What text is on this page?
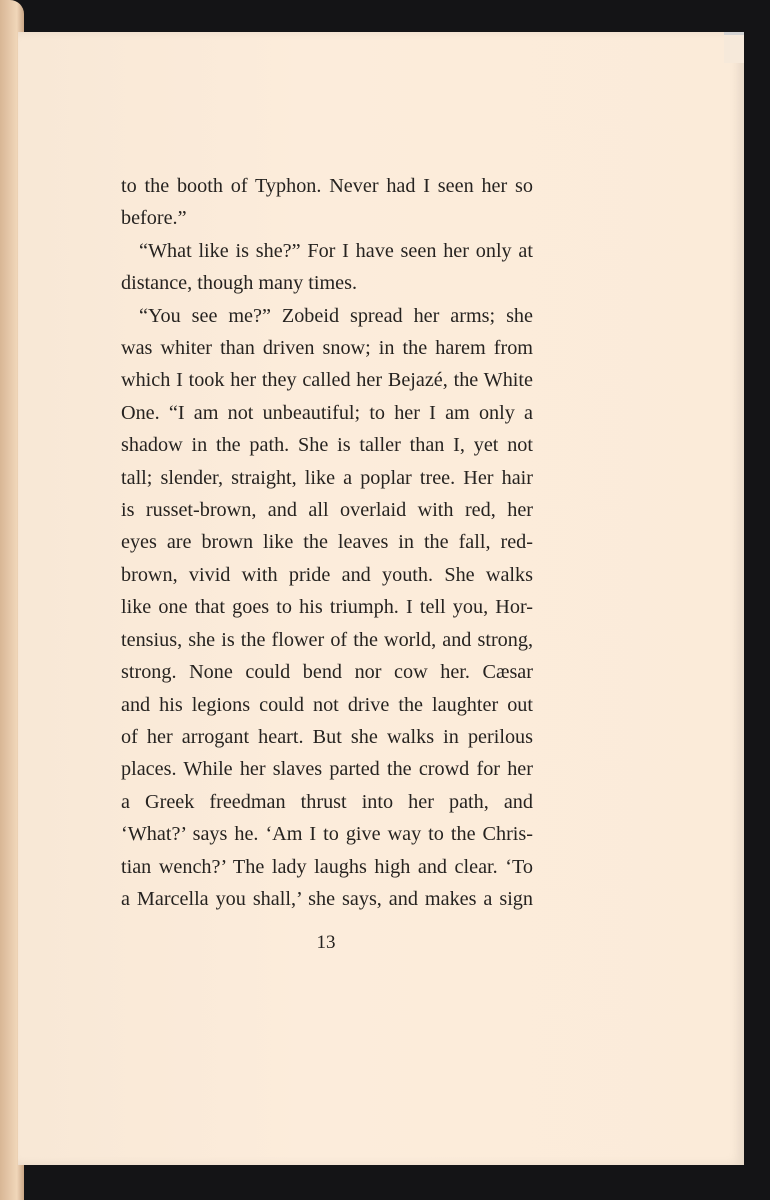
to the booth of Typhon. Never had I seen her so
before.”
“What like is she?” For I have seen her only at
distance, though many times.
“You see me?” Zobeid spread her arms; she
was whiter than driven snow; in the harem from
which I took her they called her Bejazé, the White
One. “I am not unbeautiful; to her I am only a
shadow in the path. She is taller than I, yet not
tall; slender, straight, like a poplar tree. Her hair
is russet-brown, and all overlaid with red, her
eyes are brown like the leaves in the fall, red-
brown, vivid with pride and youth. She walks
like one that goes to his triumph. I tell you, Hor-
tensius, she is the flower of the world, and strong,
strong. None could bend nor cow her. Cæsar
and his legions could not drive the laughter out
of her arrogant heart. But she walks in perilous
places. While her slaves parted the crowd for her
a Greek freedman thrust into her path, and
‘What?’ says he. ‘Am I to give way to the Chris-
tian wench?’ The lady laughs high and clear. ‘To
a Marcella you shall,’ she says, and makes a sign
13
